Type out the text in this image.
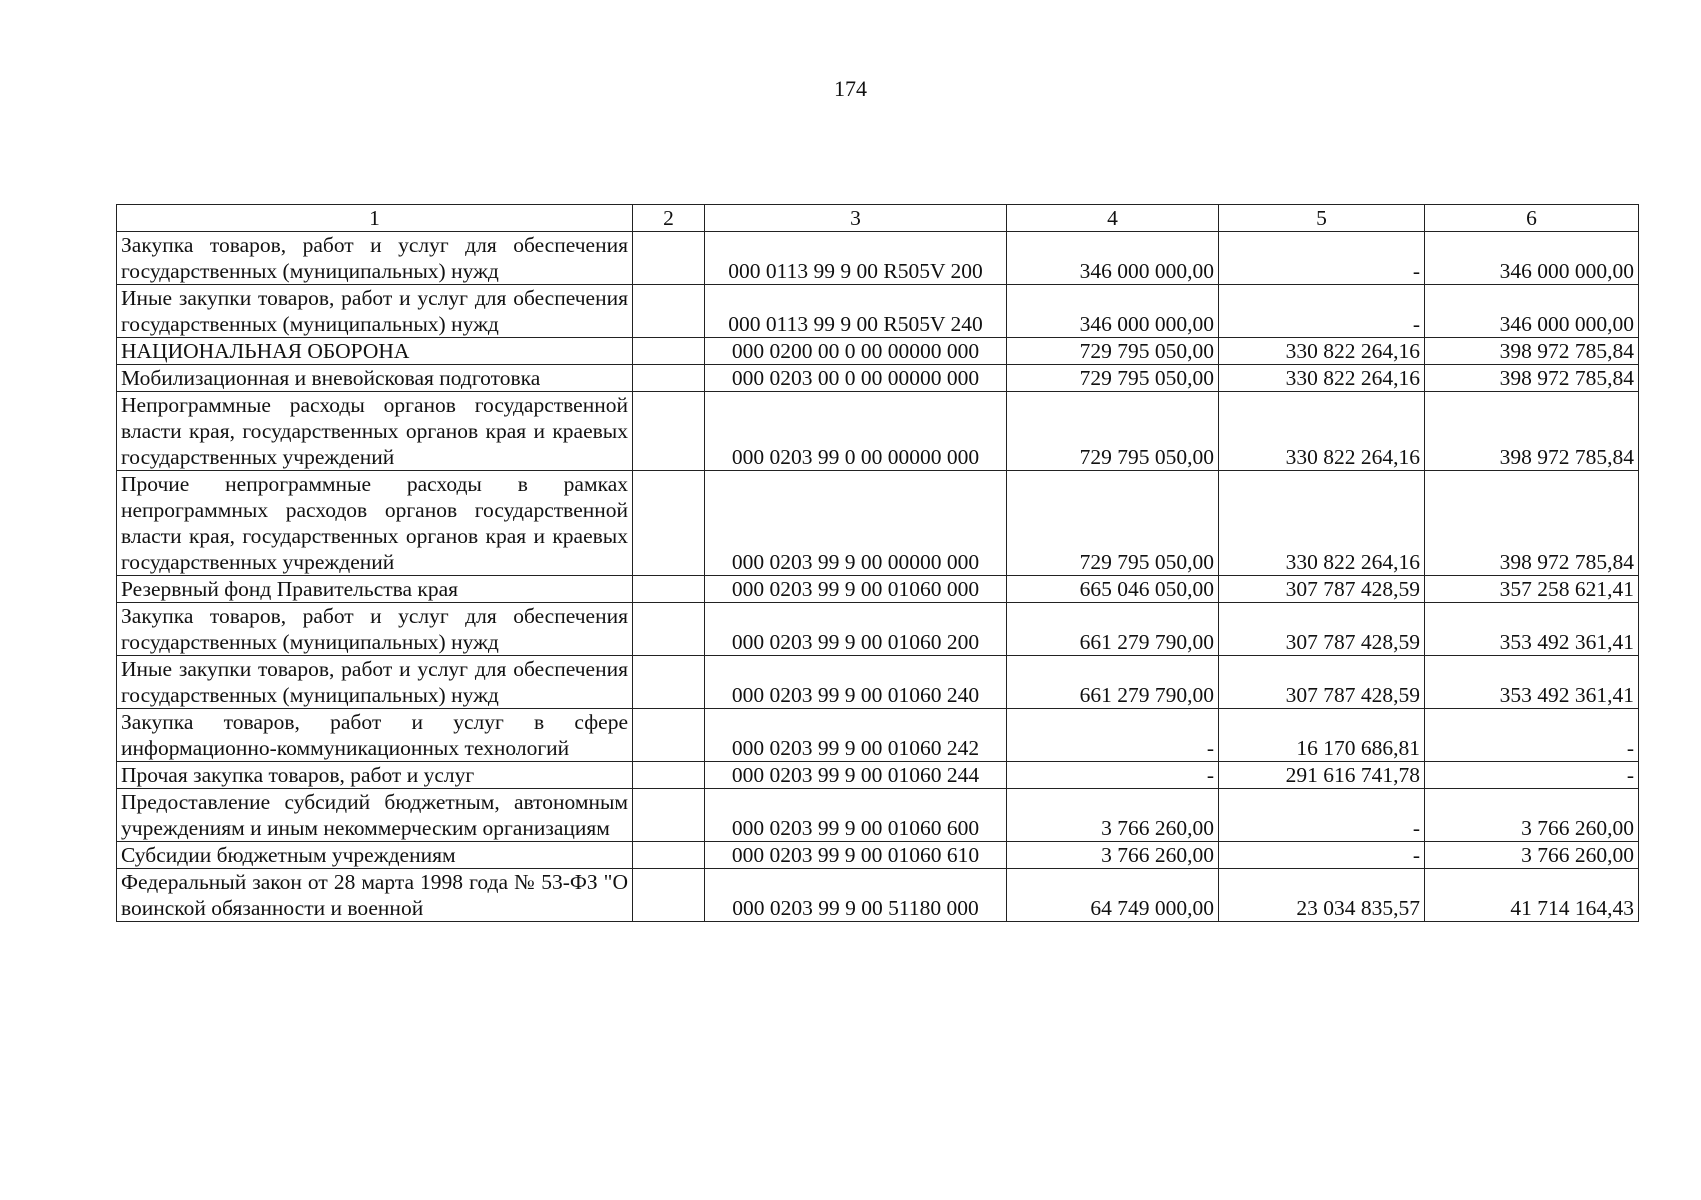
174
1	2	3	4	5	6
Закупка товаров, работ и услуг для обеспечения государственных (муниципальных) нужд		000 0113 99 9 00 R505V 200	346 000 000,00	-	346 000 000,00
Иные закупки товаров, работ и услуг для обеспечения государственных (муниципальных) нужд		000 0113 99 9 00 R505V 240	346 000 000,00	-	346 000 000,00
НАЦИОНАЛЬНАЯ ОБОРОНА		000 0200 00 0 00 00000 000	729 795 050,00	330 822 264,16	398 972 785,84
Мобилизационная и вневойсковая подготовка		000 0203 00 0 00 00000 000	729 795 050,00	330 822 264,16	398 972 785,84
Непрограммные расходы органов государственной власти края, государственных органов края и краевых государственных учреждений		000 0203 99 0 00 00000 000	729 795 050,00	330 822 264,16	398 972 785,84
Прочие непрограммные расходы в рамках непрограммных расходов органов государственной власти края, государственных органов края и краевых государственных учреждений		000 0203 99 9 00 00000 000	729 795 050,00	330 822 264,16	398 972 785,84
Резервный фонд Правительства края		000 0203 99 9 00 01060 000	665 046 050,00	307 787 428,59	357 258 621,41
Закупка товаров, работ и услуг для обеспечения государственных (муниципальных) нужд		000 0203 99 9 00 01060 200	661 279 790,00	307 787 428,59	353 492 361,41
Иные закупки товаров, работ и услуг для обеспечения государственных (муниципальных) нужд		000 0203 99 9 00 01060 240	661 279 790,00	307 787 428,59	353 492 361,41
Закупка товаров, работ и услуг в сфере информационно-коммуникационных технологий		000 0203 99 9 00 01060 242	-	16 170 686,81	-
Прочая закупка товаров, работ и услуг		000 0203 99 9 00 01060 244	-	291 616 741,78	-
Предоставление субсидий бюджетным, автономным учреждениям и иным некоммерческим организациям		000 0203 99 9 00 01060 600	3 766 260,00	-	3 766 260,00
Субсидии бюджетным учреждениям		000 0203 99 9 00 01060 610	3 766 260,00	-	3 766 260,00
Федеральный закон от 28 марта 1998 года № 53-ФЗ "О воинской обязанности и военной		000 0203 99 9 00 51180 000	64 749 000,00	23 034 835,57	41 714 164,43
